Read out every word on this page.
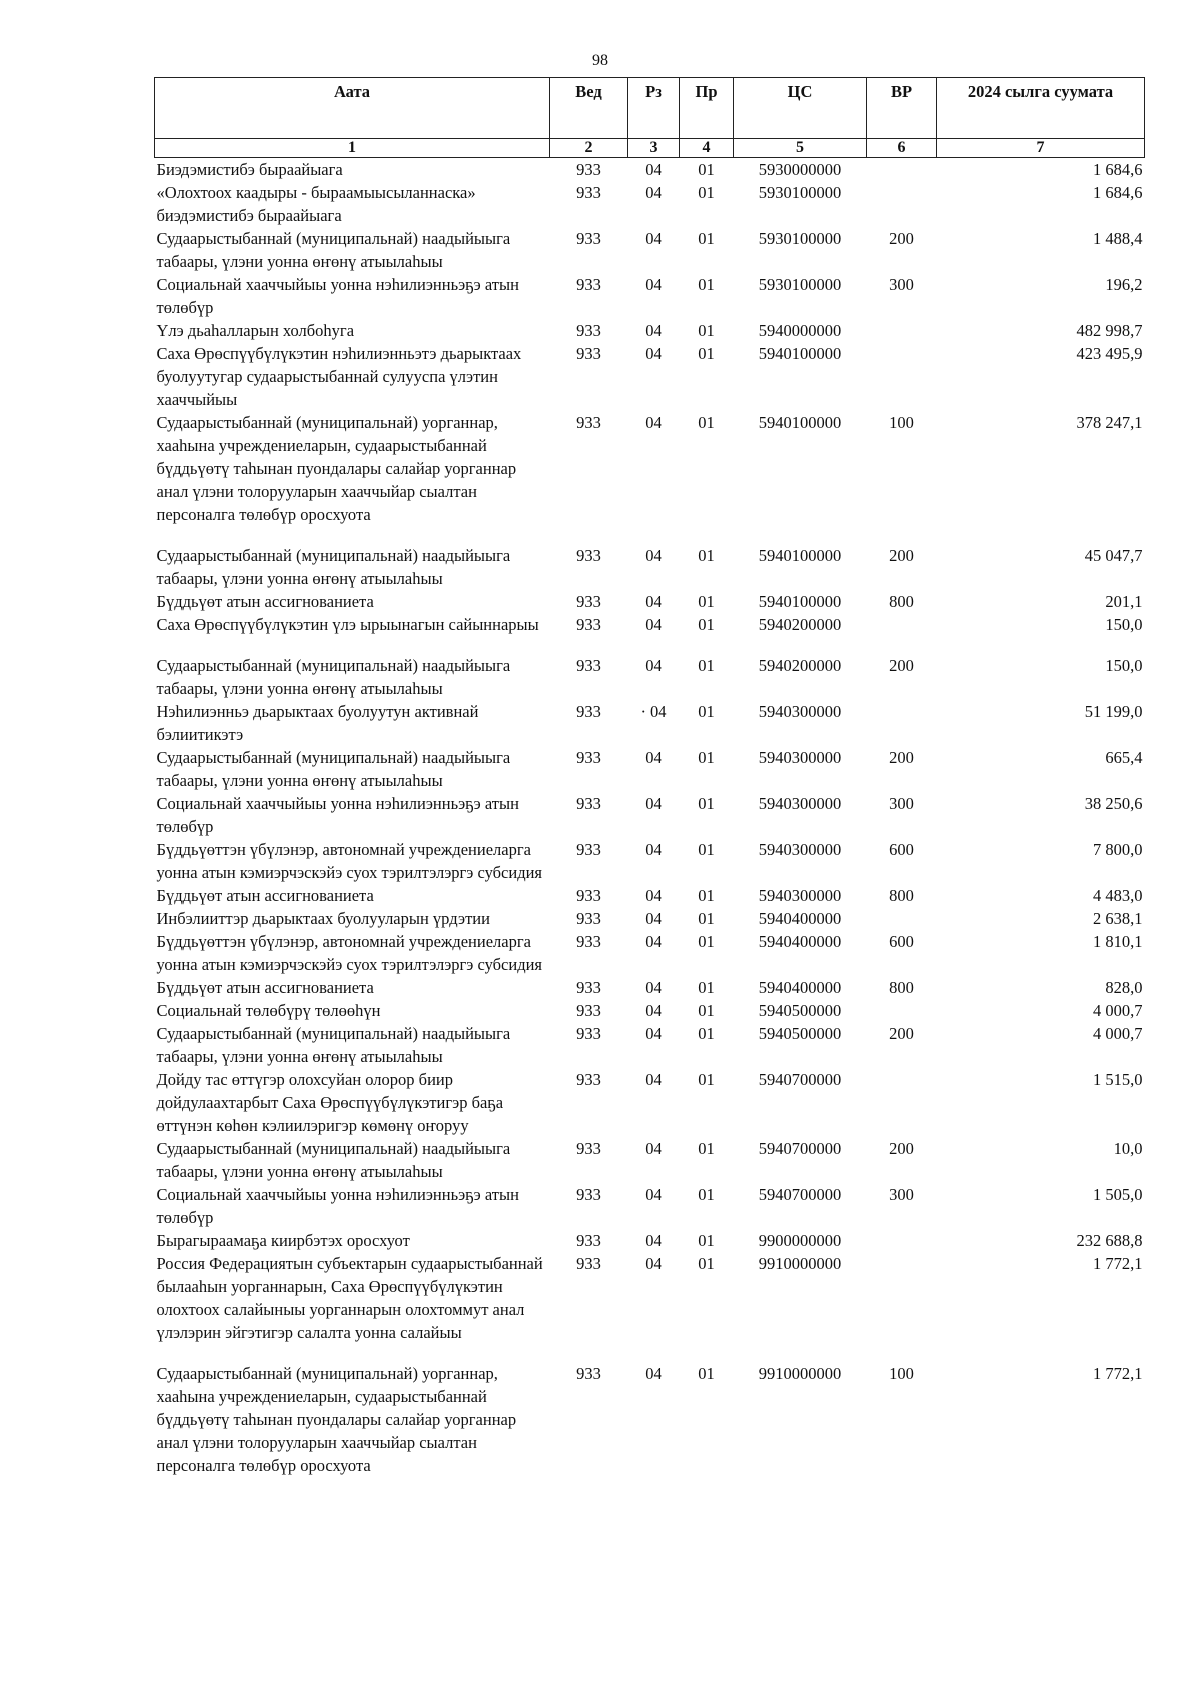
98
Аата	Вед	Рз	Пр	ЦС	ВР	2024 сылга суумата
1	2	3	4	5	6	7
Биэдэмистибэ быраайыага	933	04	01	5930000000		1 684,6
«Олохтоох каадыры - быраамыысыланнаска» биэдэмистибэ быраайыага	933	04	01	5930100000		1 684,6
Судаарыстыбаннай (муниципальнай) наадыйыыга табаары, үлэни уонна өҥөнү атыылаһыы	933	04	01	5930100000	200	1 488,4
Социальнай хааччыйыы уонна нэһилиэнньэҕэ атын төлөбүр	933	04	01	5930100000	300	196,2
Үлэ дьаһалларын холбоһуга	933	04	01	5940000000		482 998,7
Саха Өрөспүүбүлүкэтин нэһилиэнньэтэ дьарыктаах буолуутугар судаарыстыбаннай сулууспа үлэтин хааччыйыы	933	04	01	5940100000		423 495,9
Судаарыстыбаннай (муниципальнай) уорганнар, хааһына учреждениеларын, судаарыстыбаннай бүддьүөтү таһынан пуондалары салайар уорганнар анал үлэни толорууларын хааччыйар сыалтан персоналга төлөбүр оросхуота	933	04	01	5940100000	100	378 247,1
Судаарыстыбаннай (муниципальнай) наадыйыыга табаары, үлэни уонна өҥөнү атыылаһыы	933	04	01	5940100000	200	45 047,7
Бүддьүөт атын ассигнованиета	933	04	01	5940100000	800	201,1
Саха Өрөспүүбүлүкэтин үлэ ырыынагын сайыннарыы	933	04	01	5940200000		150,0
Судаарыстыбаннай (муниципальнай) наадыйыыга табаары, үлэни уонна өҥөнү атыылаһыы	933	04	01	5940200000	200	150,0
Нэһилиэнньэ дьарыктаах буолуутун активнай бэлиитикэтэ	933	· 04	01	5940300000		51 199,0
Судаарыстыбаннай (муниципальнай) наадыйыыга табаары, үлэни уонна өҥөнү атыылаһыы	933	04	01	5940300000	200	665,4
Социальнай хааччыйыы уонна нэһилиэнньэҕэ атын төлөбүр	933	04	01	5940300000	300	38 250,6
Бүддьүөттэн үбүлэнэр, автономнай учреждениеларга уонна атын кэмиэрчэскэйэ суох тэрилтэлэргэ субсидия	933	04	01	5940300000	600	7 800,0
Бүддьүөт атын ассигнованиета	933	04	01	5940300000	800	4 483,0
Инбэлииттэр дьарыктаах буолууларын үрдэтии	933	04	01	5940400000		2 638,1
Бүддьүөттэн үбүлэнэр, автономнай учреждениеларга уонна атын кэмиэрчэскэйэ суох тэрилтэлэргэ субсидия	933	04	01	5940400000	600	1 810,1
Бүддьүөт атын ассигнованиета	933	04	01	5940400000	800	828,0
Социальнай төлөбүрү төлөөһүн	933	04	01	5940500000		4 000,7
Судаарыстыбаннай (муниципальнай) наадыйыыга табаары, үлэни уонна өҥөнү атыылаһыы	933	04	01	5940500000	200	4 000,7
Дойду тас өттүгэр олохсуйан олорор биир дойдулаахтарбыт Саха Өрөспүүбүлүкэтигэр баҕа өттүнэн көһөн кэлиилэригэр көмөнү оҥоруу	933	04	01	5940700000		1 515,0
Судаарыстыбаннай (муниципальнай) наадыйыыга табаары, үлэни уонна өҥөнү атыылаһыы	933	04	01	5940700000	200	10,0
Социальнай хааччыйыы уонна нэһилиэнньэҕэ атын төлөбүр	933	04	01	5940700000	300	1 505,0
Бырагыраамаҕа киирбэтэх оросхуот	933	04	01	9900000000		232 688,8
Россия Федерациятын субъектарын судаарыстыбаннай былааһын уорганнарын, Саха Өрөспүүбүлүкэтин олохтоох салайыныы уорганнарын олохтоммут анал үлэлэрин эйгэтигэр салалта уонна салайыы	933	04	01	9910000000		1 772,1
Судаарыстыбаннай (муниципальнай) уорганнар, хааһына учреждениеларын, судаарыстыбаннай бүддьүөтү таһынан пуондалары салайар уорганнар анал үлэни толорууларын хааччыйар сыалтан персоналга төлөбүр оросхуота	933	04	01	9910000000	100	1 772,1
